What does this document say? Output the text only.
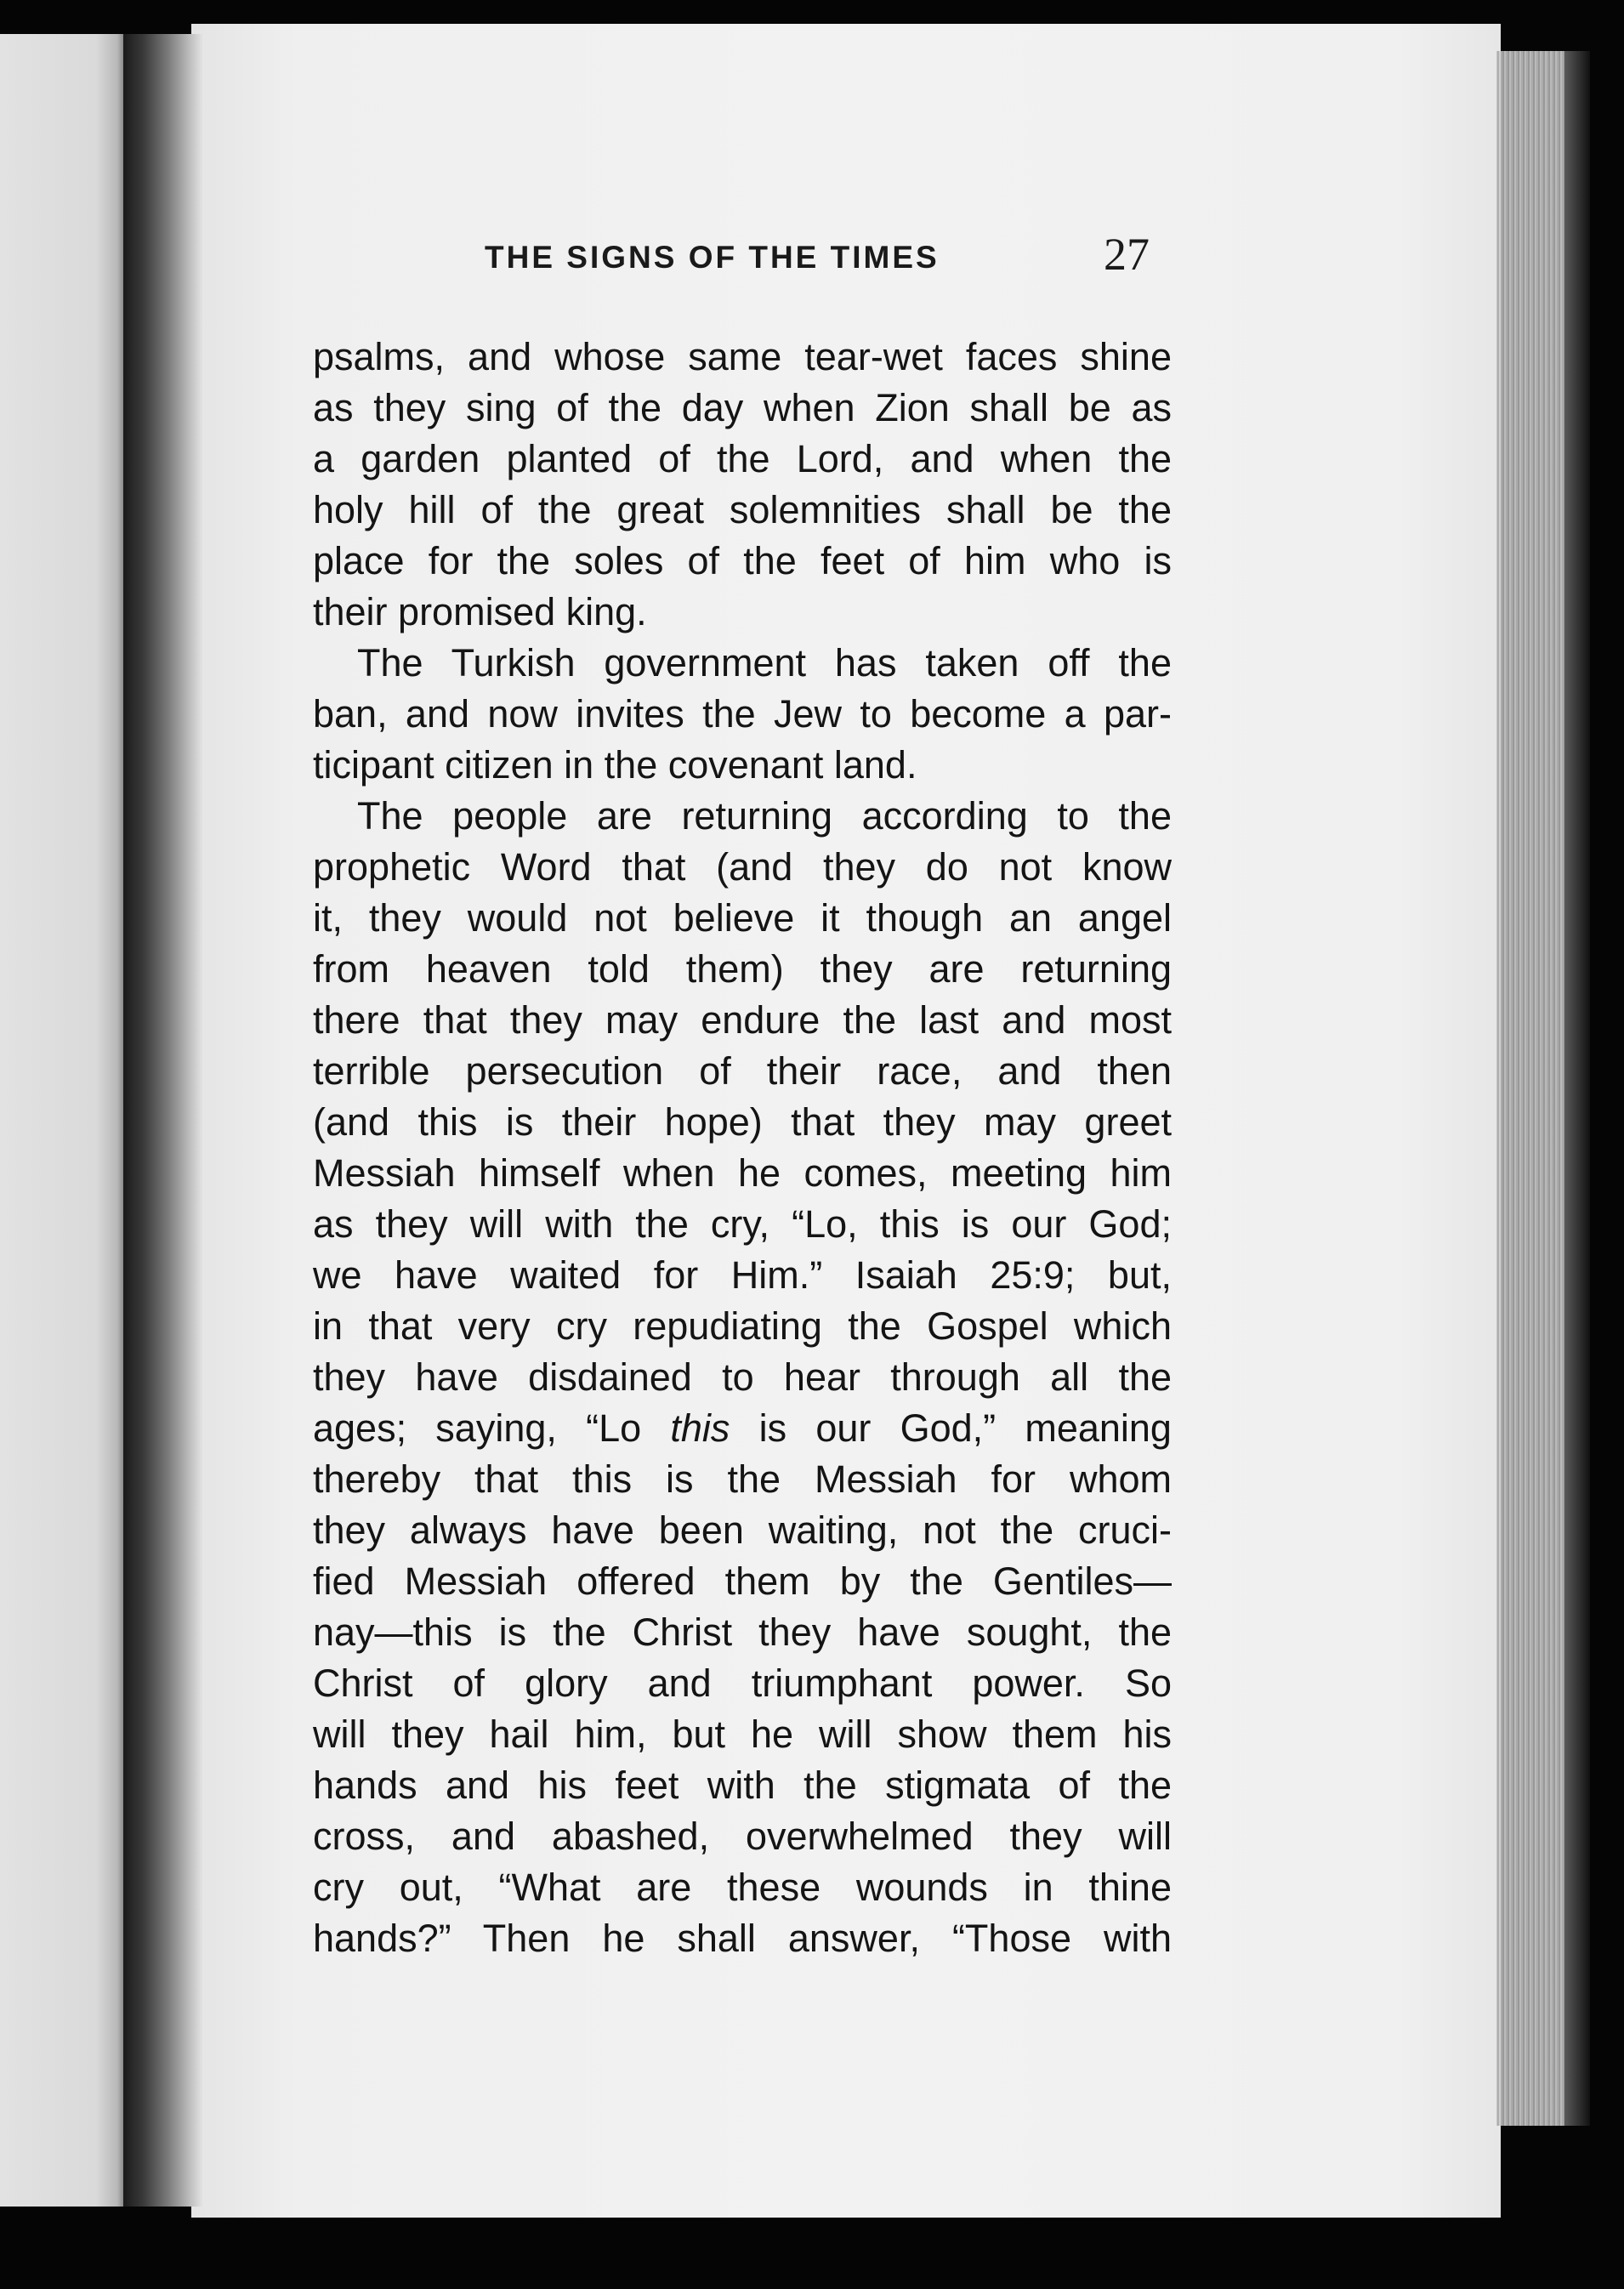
THE SIGNS OF THE TIMES	27
psalms, and whose same tear-wet faces shine
as they sing of the day when Zion shall be as
a garden planted of the Lord, and when the
holy hill of the great solemnities shall be the
place for the soles of the feet of him who is
their promised king.
The Turkish government has taken off the
ban, and now invites the Jew to become a par-
ticipant citizen in the covenant land.
The people are returning according to the
prophetic Word that (and they do not know
it, they would not believe it though an angel
from heaven told them) they are returning
there that they may endure the last and most
terrible persecution of their race, and then
(and this is their hope) that they may greet
Messiah himself when he comes, meeting him
as they will with the cry, “Lo, this is our God;
we have waited for Him.” Isaiah 25:9; but,
in that very cry repudiating the Gospel which
they have disdained to hear through all the
ages; saying, “Lo this is our God,” meaning
thereby that this is the Messiah for whom
they always have been waiting, not the cruci-
fied Messiah offered them by the Gentiles—
nay—this is the Christ they have sought, the
Christ of glory and triumphant power. So
will they hail him, but he will show them his
hands and his feet with the stigmata of the
cross, and abashed, overwhelmed they will
cry out, “What are these wounds in thine
hands?” Then he shall answer, “Those with
